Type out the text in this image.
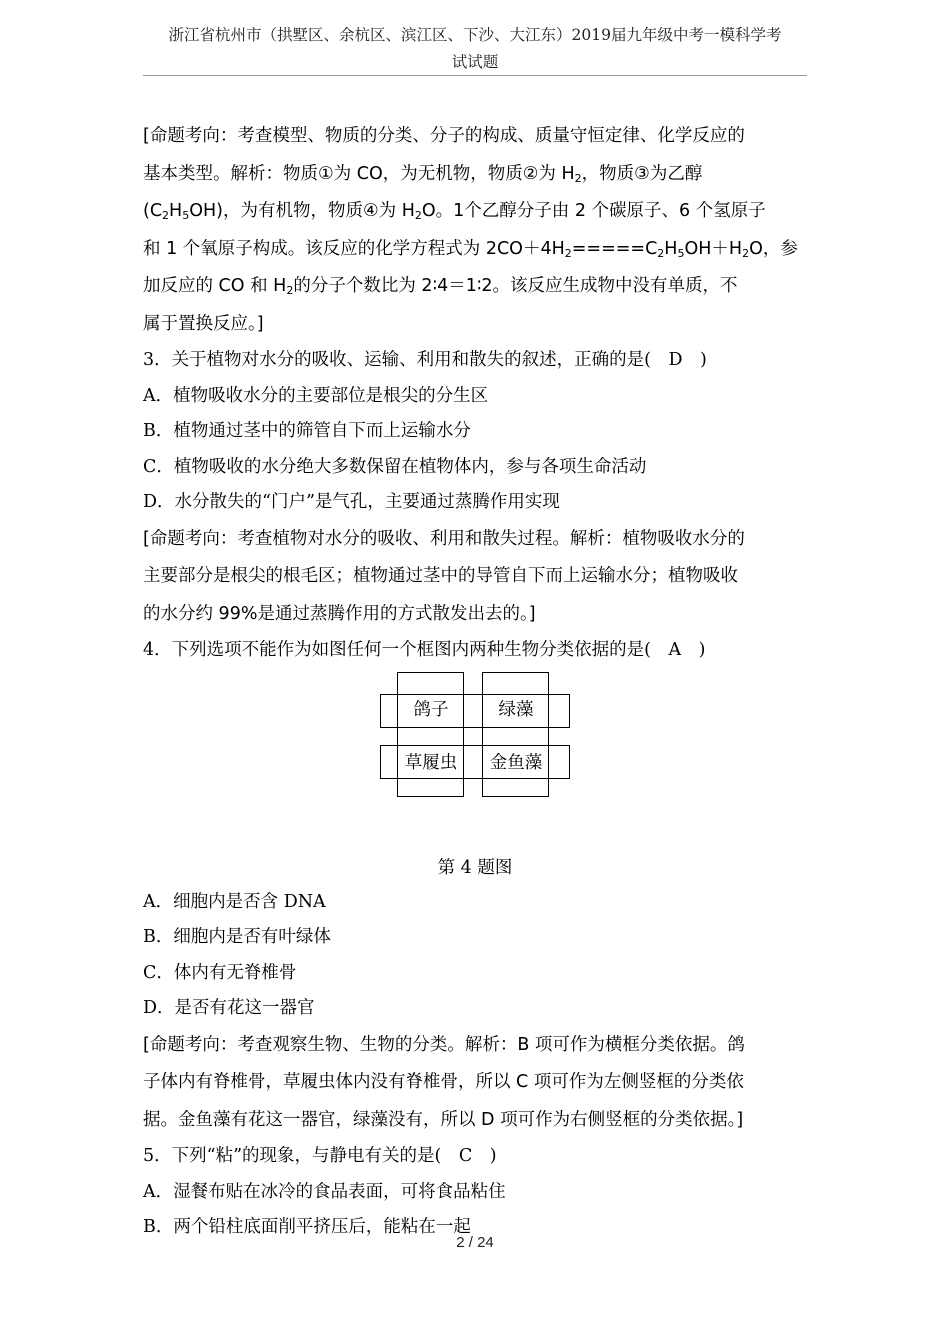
浙江省杭州市（拱墅区、余杭区、滨江区、下沙、大江东）2019届九年级中考一模科学考
试试题

[命题考向：考查模型、物质的分类、分子的构成、质量守恒定律、化学反应的

基本类型。解析：物质①为 CO，为无机物，物质②为 $H_2$，物质③为乙醇

$(C_2H_5OH)$，为有机物，物质④为 $H_2O$。1个乙醇分子由 2 个碳原子、6 个氢原子

和 1 个氧原子构成。该反应的化学方程式为 $2CO+4H_2=====C_2H_5OH+H_2O$，参

加反应的 CO 和 $H_2$的分子个数比为 2∶4＝1∶2。该反应生成物中没有单质，不

属于置换反应。]

3．关于植物对水分的吸收、运输、利用和散失的叙述，正确的是(　D　)

A．植物吸收水分的主要部位是根尖的分生区

B．植物通过茎中的筛管自下而上运输水分

C．植物吸收的水分绝大多数保留在植物体内，参与各项生命活动

D．水分散失的“门户”是气孔，主要通过蒸腾作用实现

[命题考向：考查植物对水分的吸收、利用和散失过程。解析：植物吸收水分的

主要部分是根尖的根毛区；植物通过茎中的导管自下而上运输水分；植物吸收

的水分约 99%是通过蒸腾作用的方式散发出去的。]

4．下列选项不能作为如图任何一个框图内两种生物分类依据的是(　A　)

鸽子	绿藻
草履虫	金鱼藻
第 4 题图

A．细胞内是否含 DNA

B．细胞内是否有叶绿体

C．体内有无脊椎骨

D．是否有花这一器官

[命题考向：考查观察生物、生物的分类。解析：B 项可作为横框分类依据。鸽

子体内有脊椎骨，草履虫体内没有脊椎骨，所以 C 项可作为左侧竖框的分类依

据。金鱼藻有花这一器官，绿藻没有，所以 D 项可作为右侧竖框的分类依据。]

5．下列“粘”的现象，与静电有关的是(　C　)

A．湿餐布贴在冰冷的食品表面，可将食品粘住

B．两个铅柱底面削平挤压后，能粘在一起

2 / 24
